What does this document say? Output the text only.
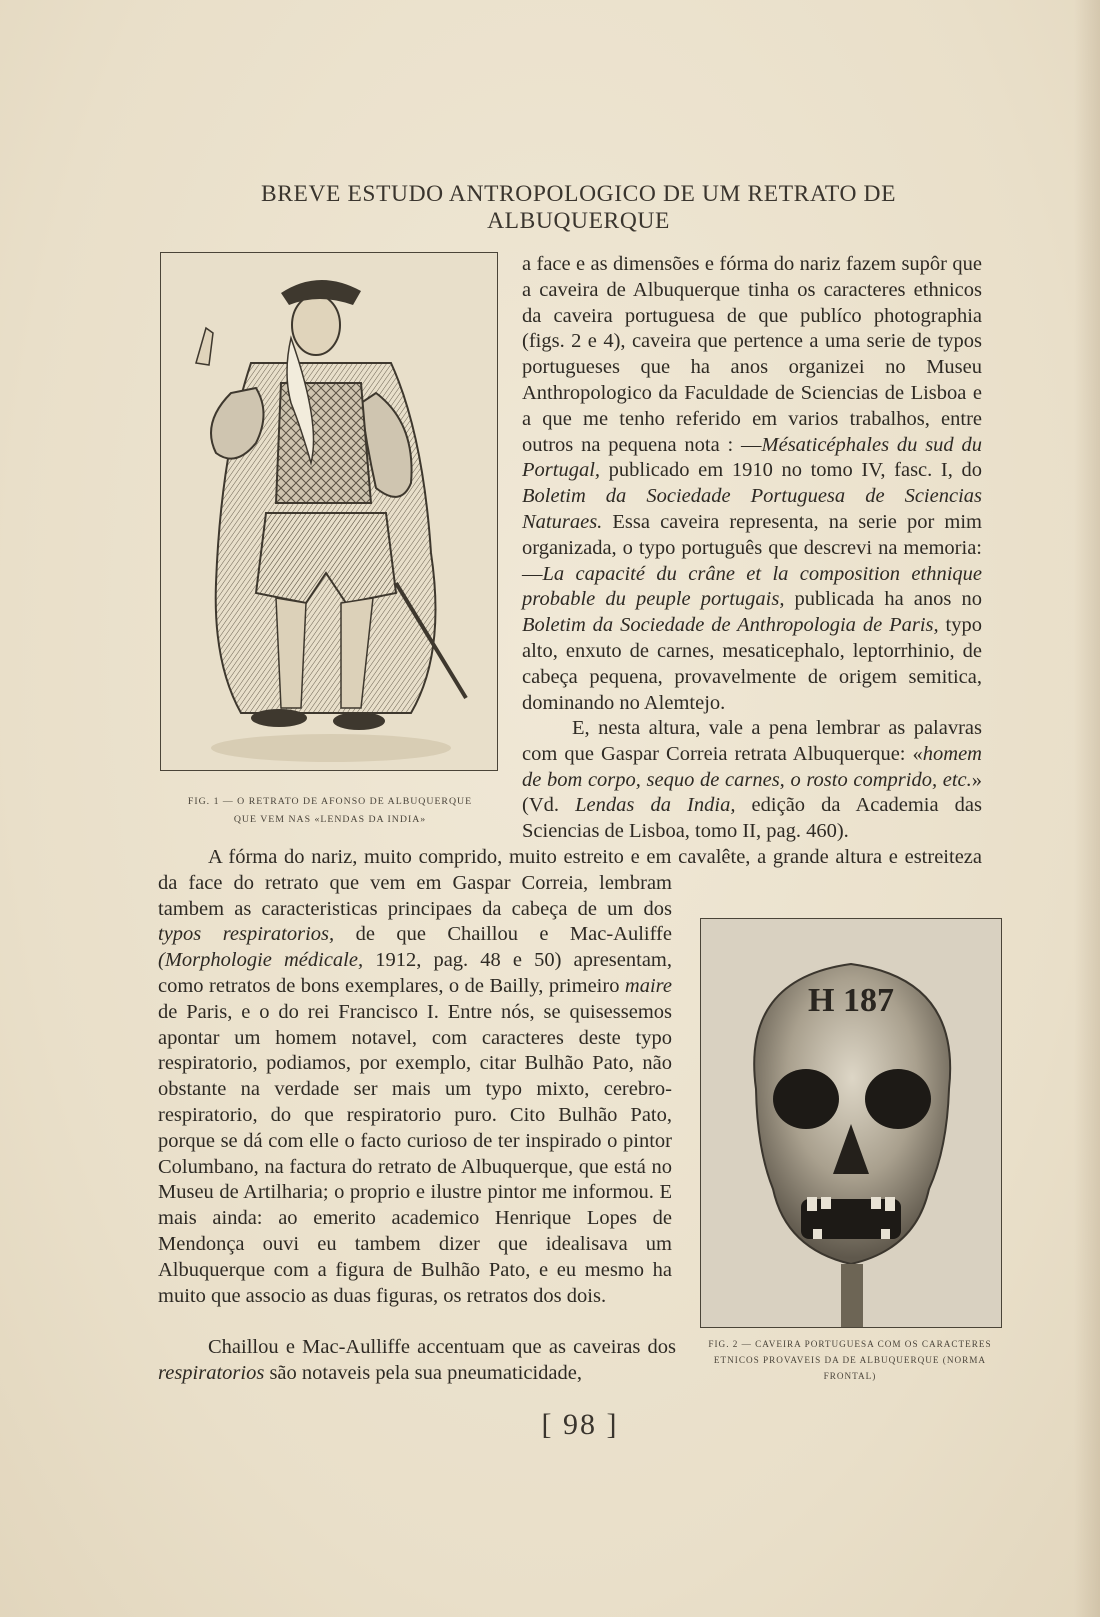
BREVE ESTUDO ANTROPOLOGICO DE UM RETRATO DE ALBUQUERQUE
FIG. 1 — O RETRATO DE AFONSO DE ALBUQUERQUE QUE VEM NAS «LENDAS DA INDIA»

a face e as dimensões e fórma do nariz fazem supôr que a caveira de Albuquerque tinha os caracteres ethnicos da caveira portuguesa de que publíco photographia (figs. 2 e 4), caveira que pertence a uma serie de typos portugueses que ha anos organizei no Museu Anthropologico da Faculdade de Sciencias de Lisboa e a que me tenho referido em varios trabalhos, entre outros na pequena nota : —Mésaticéphales du sud du Portugal, publicado em 1910 no tomo IV, fasc. I, do Boletim da Sociedade Portuguesa de Sciencias Naturaes. Essa caveira representa, na serie por mim organizada, o typo português que descrevi na memoria: —La capacité du crâne et la composition ethnique probable du peuple portugais, publicada ha anos no Boletim da Sociedade de Anthropologia de Paris, typo alto, enxuto de carnes, mesaticephalo, leptorrhinio, de cabeça pequena, provavelmente de origem semitica, dominando no Alemtejo.

E, nesta altura, vale a pena lembrar as palavras com que Gaspar Correia retrata Albuquerque: «homem de bom corpo, sequo de carnes, o rosto comprido, etc.» (Vd. Lendas da India, edição da Academia das Sciencias de Lisboa, tomo II, pag. 460).

H 187
FIG. 2 — CAVEIRA PORTUGUESA COM OS CARACTERES ETNICOS PROVAVEIS DA DE ALBUQUERQUE (NORMA FRONTAL)

A fórma do nariz, muito comprido, muito estreito e em cavalête, a grande altura e estreiteza da face do retrato que vem em Gaspar Correia, lembram tambem as caracteristicas principaes da cabeça de um dos typos respiratorios, de que Chaillou e Mac-Auliffe (Morphologie médicale, 1912, pag. 48 e 50) apresentam, como retratos de bons exemplares, o de Bailly, primeiro maire de Paris, e o do rei Francisco I. Entre nós, se quisessemos apontar um homem notavel, com caracteres deste typo respiratorio, podiamos, por exemplo, citar Bulhão Pato, não obstante na verdade ser mais um typo mixto, cerebro-respiratorio, do que respiratorio puro. Cito Bulhão Pato, porque se dá com elle o facto curioso de ter inspirado o pintor Columbano, na factura do retrato de Albuquerque, que está no Museu de Artilharia; o proprio e ilustre pintor me informou. E mais ainda: ao emerito academico Henrique Lopes de Mendonça ouvi eu tambem dizer que idealisava um Albuquerque com a figura de Bulhão Pato, e eu mesmo ha muito que associo as duas figuras, os retratos dos dois.

Chaillou e Mac-Aulliffe accentuam que as caveiras dos respiratorios são notaveis pela sua pneumaticidade,

[ 98 ]
